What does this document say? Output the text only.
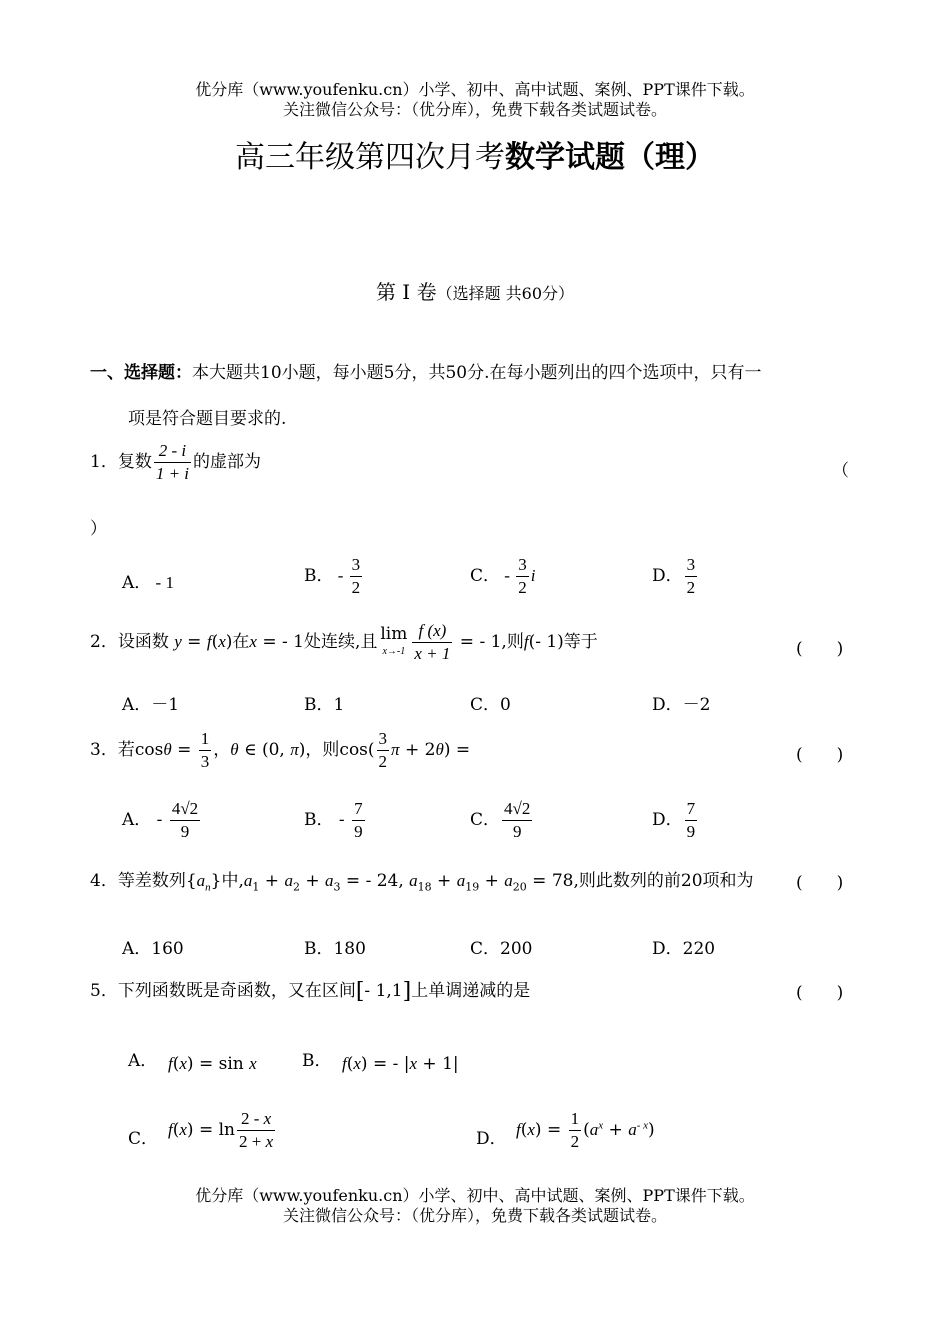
优分库（www.youfenku.cn）小学、初中、高中试题、案例、PPT课件下载。
关注微信公众号：（优分库），免费下载各类试题试卷。
高三年级第四次月考数学试题（理）
第 I 卷（选择题 共60分）
一、选择题：本大题共10小题，每小题5分，共50分.在每小题列出的四个选项中，只有一
项是符合题目要求的.
1．复数 $\frac{2 - i}{1 + i}$ 的虚部为	（
）
A． - 1	B． - $\frac{3}{2}$	C． - $\frac{3}{2}$ i	D． $\frac{3}{2}$
2．设函数 y = f(x)在x = - 1处连续,且 lim
$x\to-1 \frac{f (x)}{x + 1}$ = - 1,则f(- 1)等于	(　　)
A．－1	B．1	C．0	D．－2
3．若$\cos\theta = \frac{1}{3}$ ，θ ∈ (0, π)，则$\cos( \frac{3}{2}$ π + 2θ) =	(　　)
A． - $\frac{4√2}{9}$	B． - $\frac{7}{9}$	C． $\frac{4√2}{9}$	D． $\frac{7}{9}$
4．等差数列$\{a_n\}$中$,a_1 + a_2 + a_3$ = - 24, $a_{18} + a_{19} + a_{20} = 78$,则此数列的前20项和为 (　　)
A．160	B．180	C．200	D．220
5．下列函数既是奇函数，又在区间[- 1,1]上单调递减的是	(　　)
A． f(x) = sin x	B． f(x) = - |x + 1|
C． $f(x) = \ln \frac{2 - x}{2 + x}$	D． $f(x) = \frac{1}{2} (a^x + a^{- x})$
优分库（www.youfenku.cn）小学、初中、高中试题、案例、PPT课件下载。
关注微信公众号：（优分库），免费下载各类试题试卷。
